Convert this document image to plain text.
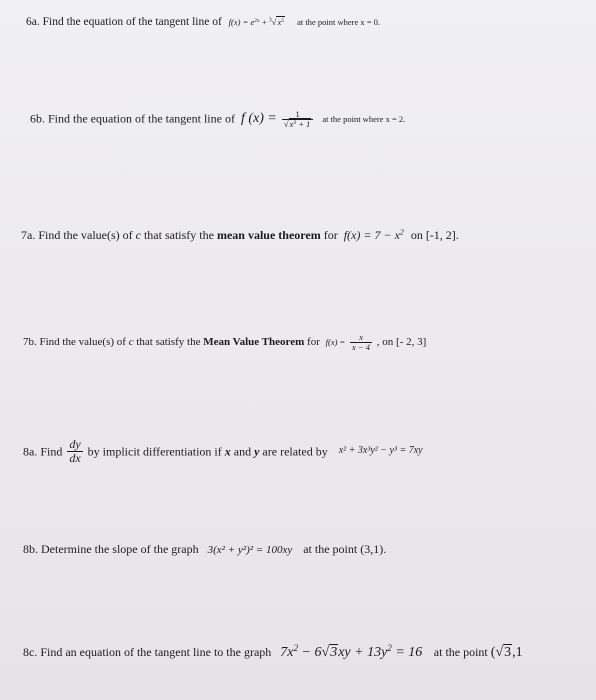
6a. Find the equation of the tangent line of $f(x) = e^{2x} + ^3√x^5$ at the point where x = 0.
6b. Find the equation of the tangent line of f $(x) = \frac{1}{√x^3 + 1}$ at the point where x = 2.
7a. Find the value(s) of c that satisfy the mean value theorem for $f(x) = 7 - x^2$ on [-1, 2].
7b. Find the value(s) of c that satisfy the Mean Value Theorem for $f(x) = \frac{x}{x - 4}$ , on [- 2, 3]
8a. Find $\frac{dy}{dx}$ by implicit differentiation if x and y are related by x² + 3x³y² − y³ = 7xy
8b. Determine the slope of the graph 3(x² + y²)² = 100xy at the point (3,1).
8c. Find an equation of the tangent line to the graph $7x^2 - 6√3xy + 13y^2 = 16$ at the point (√3,1
